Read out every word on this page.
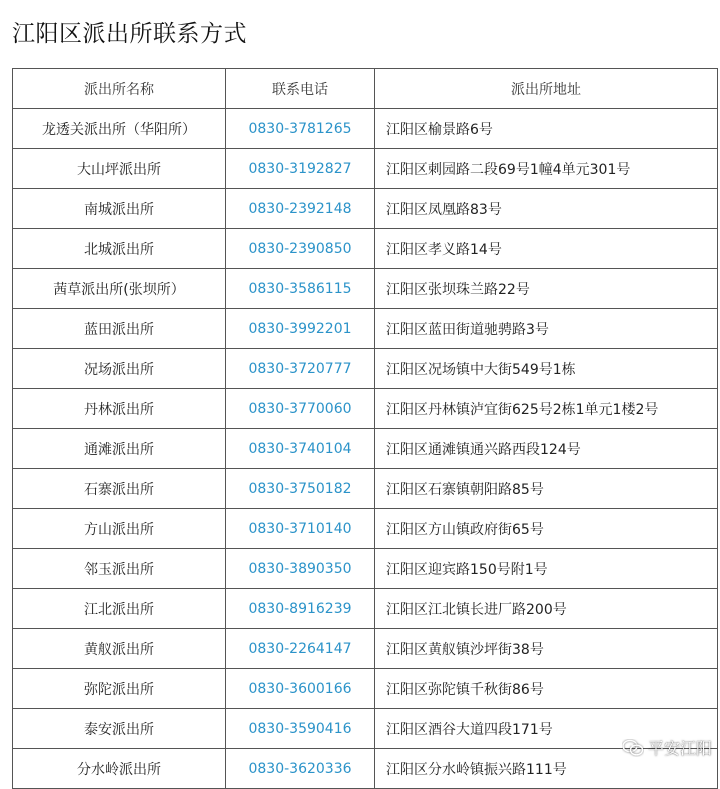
江阳区派出所联系方式
派出所名称	联系电话	派出所地址
龙透关派出所（华阳所）	0830-3781265	江阳区榆景路6号
大山坪派出所	0830-3192827	江阳区刺园路二段69号1幢4单元301号
南城派出所	0830-2392148	江阳区凤凰路83号
北城派出所	0830-2390850	江阳区孝义路14号
茜草派出所(张坝所）	0830-3586115	江阳区张坝珠兰路22号
蓝田派出所	0830-3992201	江阳区蓝田街道驰骋路3号
况场派出所	0830-3720777	江阳区况场镇中大街549号1栋
丹林派出所	0830-3770060	江阳区丹林镇泸宜街625号2栋1单元1楼2号
通滩派出所	0830-3740104	江阳区通滩镇通兴路西段124号
石寨派出所	0830-3750182	江阳区石寨镇朝阳路85号
方山派出所	0830-3710140	江阳区方山镇政府街65号
邻玉派出所	0830-3890350	江阳区迎宾路150号附1号
江北派出所	0830-8916239	江阳区江北镇长进厂路200号
黄舣派出所	0830-2264147	江阳区黄舣镇沙坪街38号
弥陀派出所	0830-3600166	江阳区弥陀镇千秋街86号
泰安派出所	0830-3590416	江阳区酒谷大道四段171号
分水岭派出所	0830-3620336	江阳区分水岭镇振兴路111号
平安江阳
